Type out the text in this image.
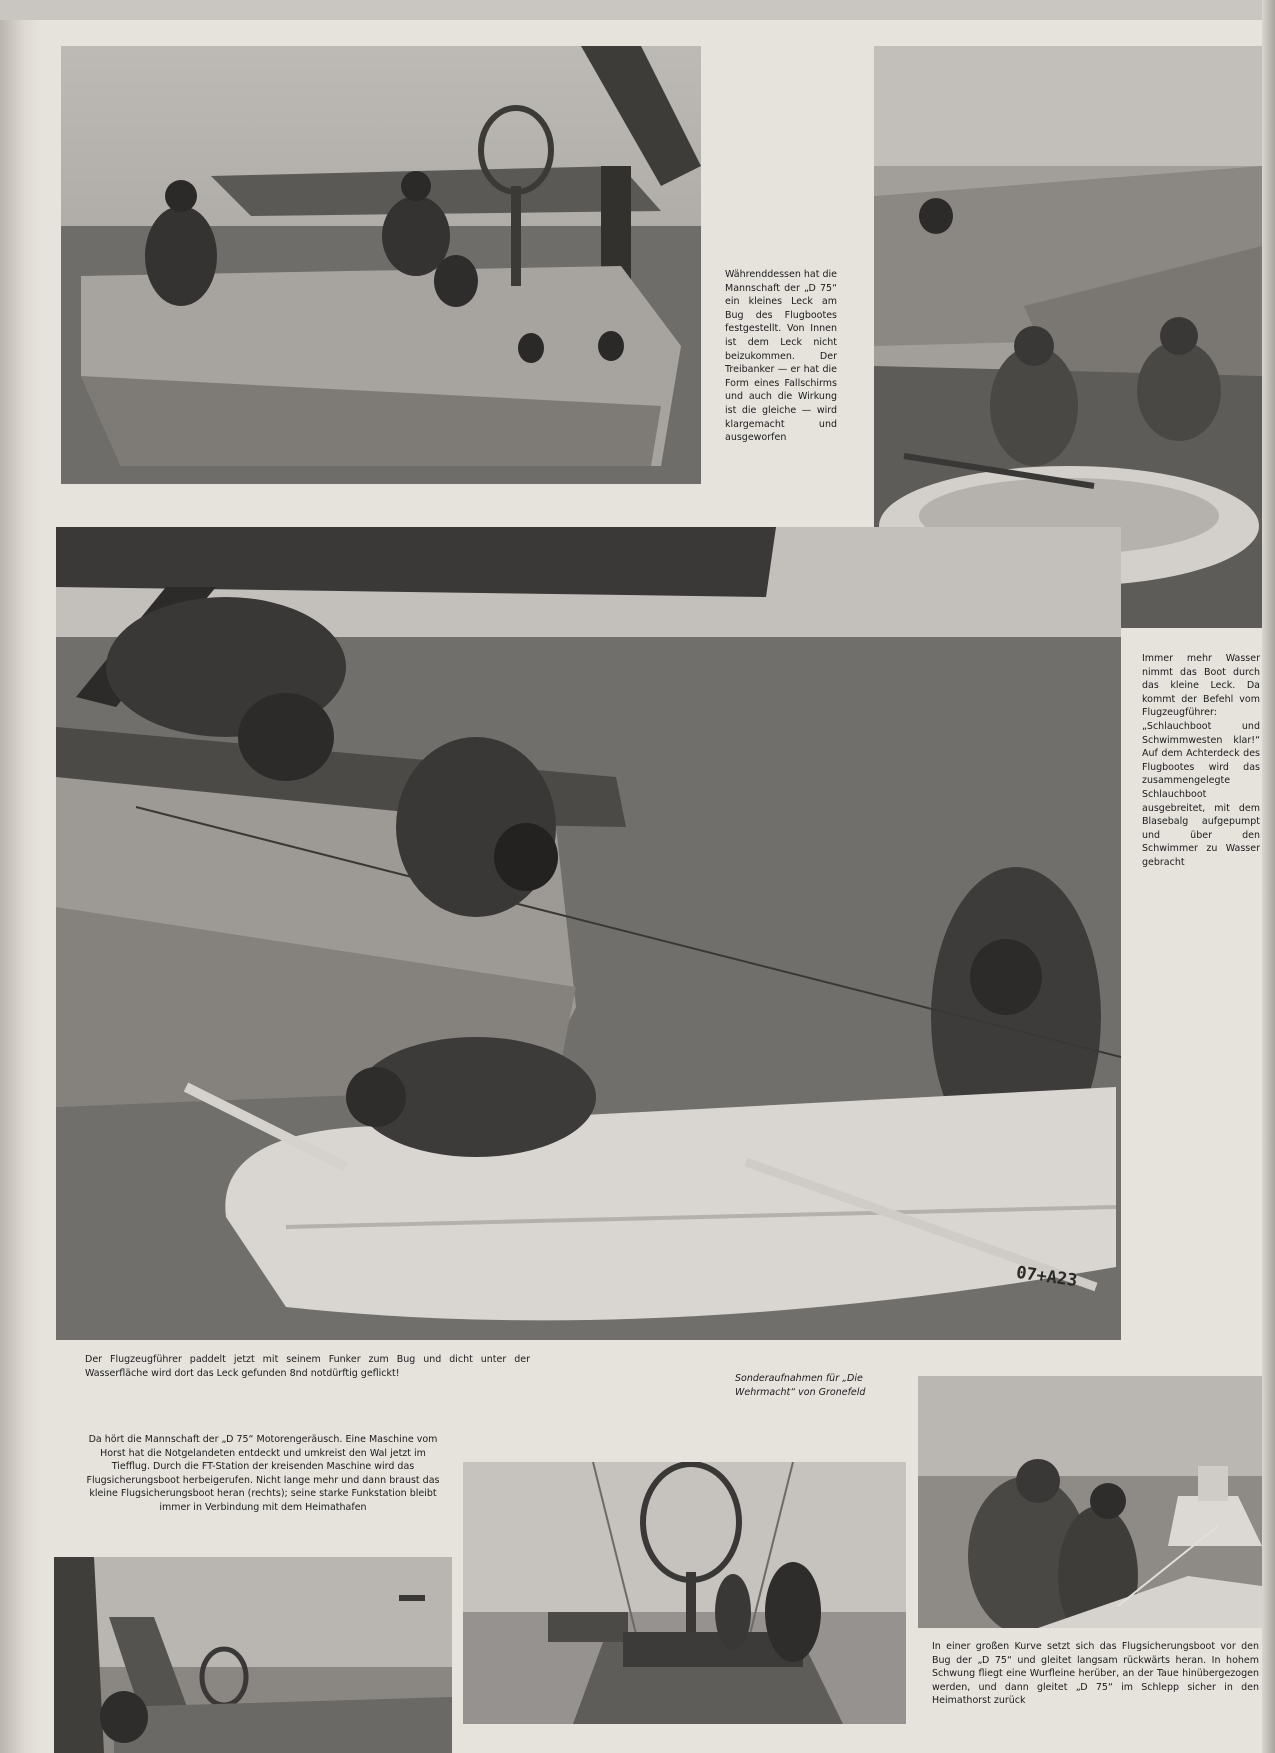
Währenddessen hat die Mannschaft der „D 75“ ein kleines Leck am Bug des Flugbootes festgestellt. Von Innen ist dem Leck nicht beizukommen. Der Treibanker — er hat die Form eines Fallschirms und auch die Wirkung ist die gleiche — wird klargemacht und ausgeworfen
Immer mehr Wasser nimmt das Boot durch das kleine Leck. Da kommt der Befehl vom Flugzeugführer: „Schlauchboot und Schwimmwesten klar!“ Auf dem Achterdeck des Flugbootes wird das zusammengelegte Schlauchboot ausgebreitet, mit dem Blasebalg aufgepumpt und über den Schwimmer zu Wasser gebracht
07+A23
Der Flugzeugführer paddelt jetzt mit seinem Funker zum Bug und dicht unter der Wasserfläche wird dort das Leck gefunden 8nd notdürftig geflickt!	Sonderaufnahmen für „Die Wehrmacht“ von Gronefeld
Da hört die Mannschaft der „D 75“ Motorengeräusch. Eine Maschine vom Horst hat die Notgelandeten entdeckt und umkreist den Wal jetzt im Tiefflug. Durch die FT-Station der kreisenden Maschine wird das Flugsicherungsboot herbeigerufen. Nicht lange mehr und dann braust das kleine Flugsicherungsboot heran (rechts); seine starke Funkstation bleibt immer in Verbindung mit dem Heimathafen
In einer großen Kurve setzt sich das Flugsicherungsboot vor den Bug der „D 75“ und gleitet langsam rückwärts heran. In hohem Schwung fliegt eine Wurfleine herüber, an der Taue hinübergezogen werden, und dann gleitet „D 75“ im Schlepp sicher in den Heimathorst zurück
